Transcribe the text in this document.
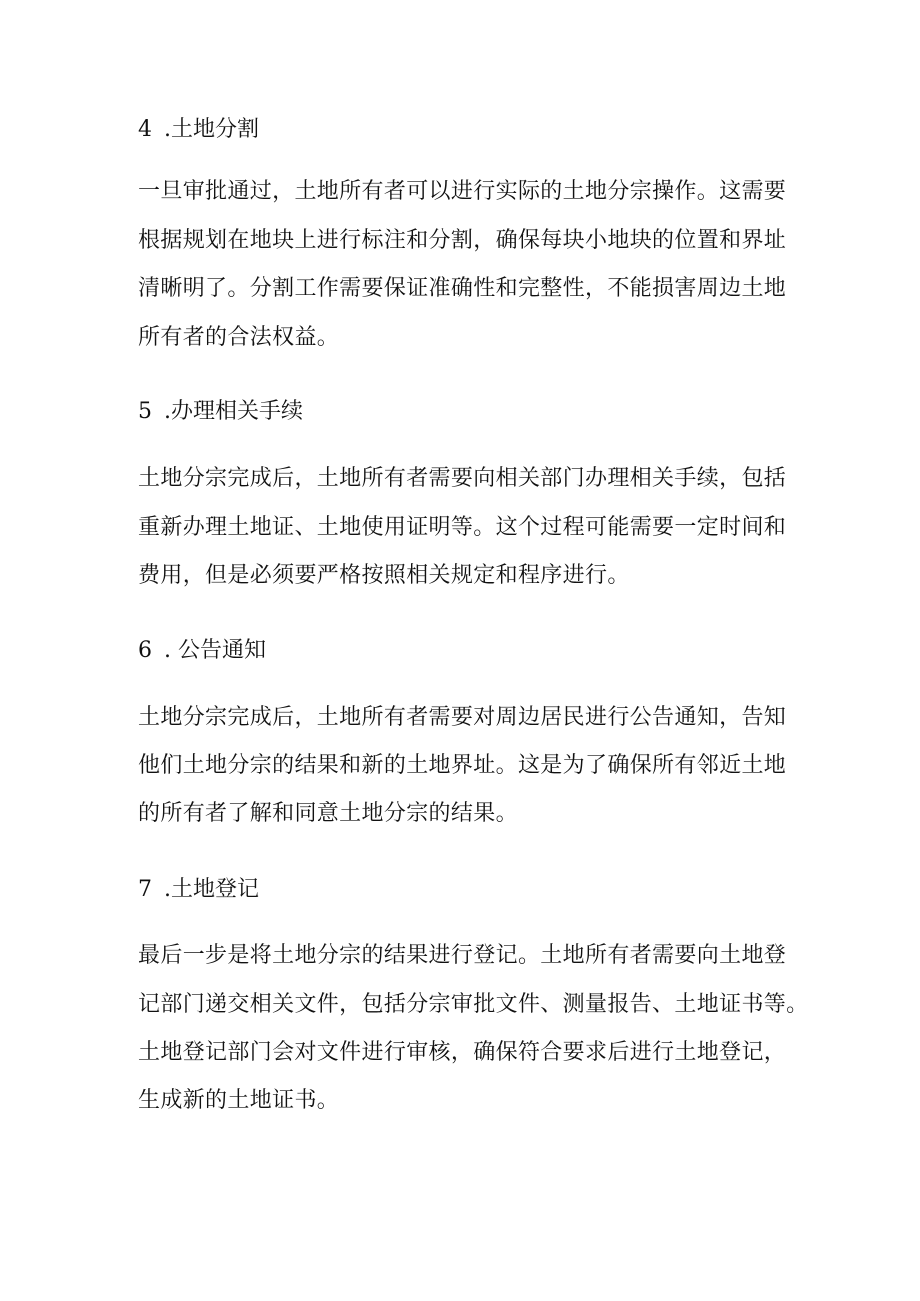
4 .土地分割
一旦审批通过，土地所有者可以进行实际的土地分宗操作。这需要
根据规划在地块上进行标注和分割，确保每块小地块的位置和界址
清晰明了。分割工作需要保证准确性和完整性，不能损害周边土地
所有者的合法权益。
5 .办理相关手续
土地分宗完成后，土地所有者需要向相关部门办理相关手续，包括
重新办理土地证、土地使用证明等。这个过程可能需要一定时间和
费用，但是必须要严格按照相关规定和程序进行。
6 . 公告通知
土地分宗完成后，土地所有者需要对周边居民进行公告通知，告知
他们土地分宗的结果和新的土地界址。这是为了确保所有邻近土地
的所有者了解和同意土地分宗的结果。
7 .土地登记
最后一步是将土地分宗的结果进行登记。土地所有者需要向土地登
记部门递交相关文件，包括分宗审批文件、测量报告、土地证书等。
土地登记部门会对文件进行审核，确保符合要求后进行土地登记，
生成新的土地证书。
